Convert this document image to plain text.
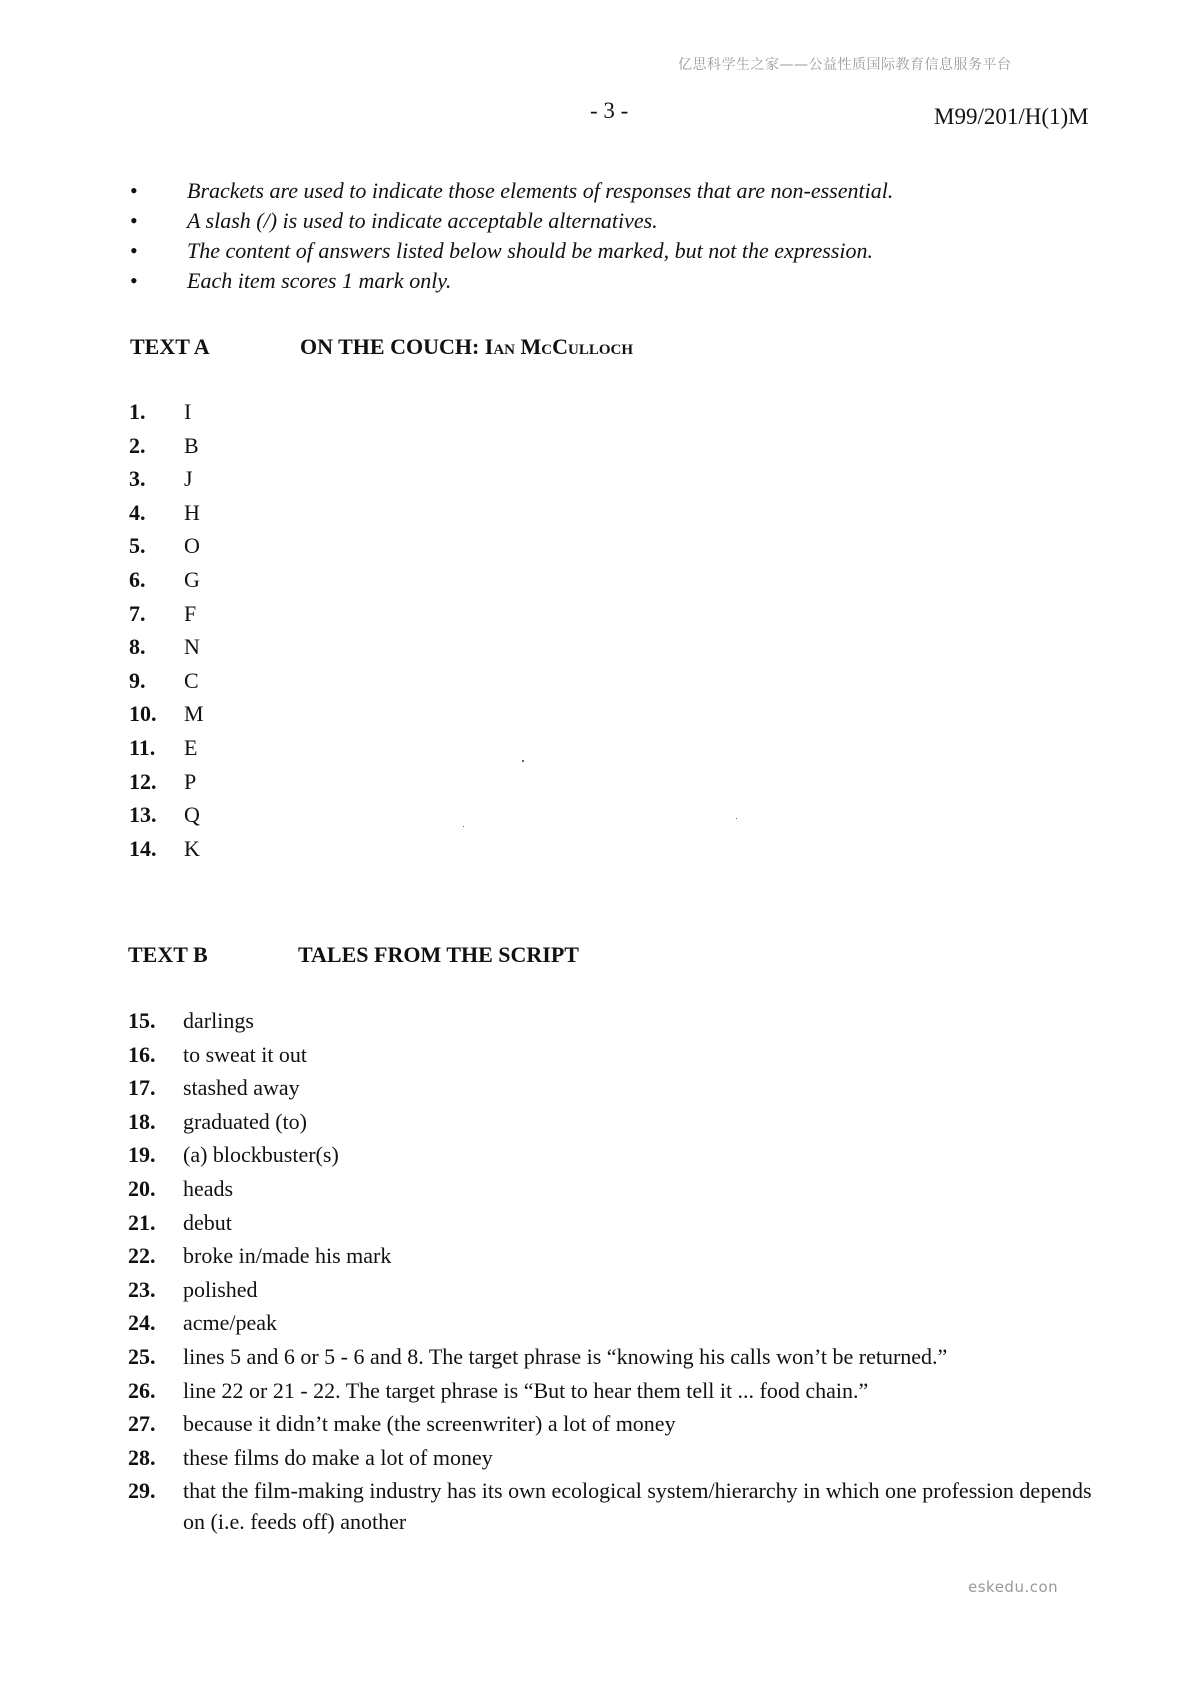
亿思科学生之家——公益性质国际教育信息服务平台
- 3 -	M99/201/H(1)M
• Brackets are used to indicate those elements of responses that are non-essential.
• A slash (/) is used to indicate acceptable alternatives.
• The content of answers listed below should be marked, but not the expression.
• Each item scores 1 mark only.
TEXT A	ON THE COUCH: Ian McCulloch
1. I
2. B
3. J
4. H
5. O
6. G
7. F
8. N
9. C
10. M
11. E
12. P
13. Q
14. K
TEXT B	TALES FROM THE SCRIPT
15. darlings
16. to sweat it out
17. stashed away
18. graduated (to)
19. (a) blockbuster(s)
20. heads
21. debut
22. broke in/made his mark
23. polished
24. acme/peak
25. lines 5 and 6 or 5 - 6 and 8. The target phrase is “knowing his calls won’t be returned.”
26. line 22 or 21 - 22. The target phrase is “But to hear them tell it ... food chain.”
27. because it didn’t make (the screenwriter) a lot of money
28. these films do make a lot of money
29. that the film-making industry has its own ecological system/hierarchy in which one profession depends on (i.e. feeds off) another
eskedu.con
